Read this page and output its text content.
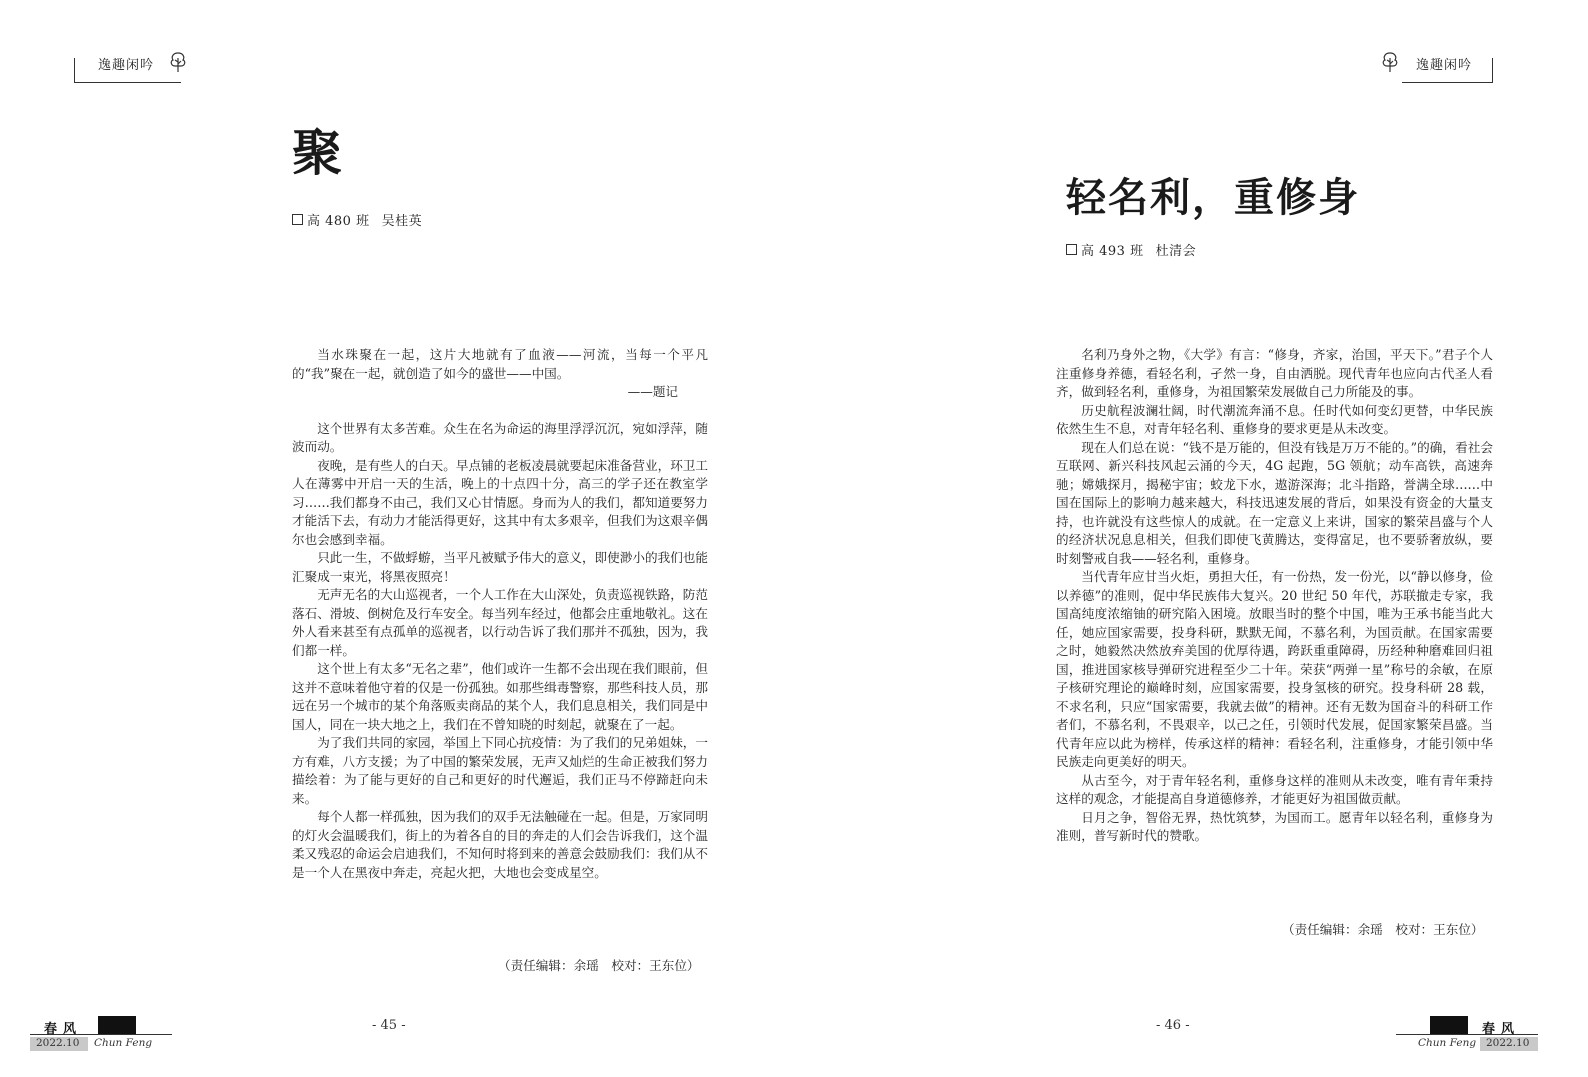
逸趣闲吟	逸趣闲吟
聚
高 480 班 吴桂英

当水珠聚在一起，这片大地就有了血液——河流，当每一个平凡的“我”聚在一起，就创造了如今的盛世——中国。

——题记

这个世界有太多苦难。众生在名为命运的海里浮浮沉沉，宛如浮萍，随波而动。

夜晚，是有些人的白天。早点铺的老板凌晨就要起床准备营业，环卫工人在薄雾中开启一天的生活，晚上的十点四十分，高三的学子还在教室学习……我们都身不由己，我们又心甘情愿。身而为人的我们，都知道要努力才能活下去，有动力才能活得更好，这其中有太多艰辛，但我们为这艰辛偶尔也会感到幸福。

只此一生，不做蜉蝣，当平凡被赋予伟大的意义，即使渺小的我们也能汇聚成一束光，将黑夜照亮！

无声无名的大山巡视者，一个人工作在大山深处，负责巡视铁路，防范落石、滑坡、倒树危及行车安全。每当列车经过，他都会庄重地敬礼。这在外人看来甚至有点孤单的巡视者，以行动告诉了我们那并不孤独，因为，我们都一样。

这个世上有太多“无名之辈”，他们或许一生都不会出现在我们眼前，但这并不意味着他守着的仅是一份孤独。如那些缉毒警察，那些科技人员，那远在另一个城市的某个角落贩卖商品的某个人，我们息息相关，我们同是中国人，同在一块大地之上，我们在不曾知晓的时刻起，就聚在了一起。

为了我们共同的家园，举国上下同心抗疫情：为了我们的兄弟姐妹，一方有难，八方支援；为了中国的繁荣发展，无声又灿烂的生命正被我们努力描绘着：为了能与更好的自己和更好的时代邂逅，我们正马不停蹄赶向未来。

每个人都一样孤独，因为我们的双手无法触碰在一起。但是，万家同明的灯火会温暖我们，街上的为着各自的目的奔走的人们会告诉我们，这个温柔又残忍的命运会启迪我们，不知何时将到来的善意会鼓励我们：我们从不是一个人在黑夜中奔走，亮起火把，大地也会变成星空。

（责任编辑：余瑶　校对：王东位）
轻名利，重修身
高 493 班 杜清会

名利乃身外之物，《大学》有言：“修身，齐家，治国，平天下。”君子个人注重修身养德，看轻名利，孑然一身，自由洒脱。现代青年也应向古代圣人看齐，做到轻名利，重修身，为祖国繁荣发展做自己力所能及的事。

历史航程波澜壮阔，时代潮流奔涌不息。任时代如何变幻更替，中华民族依然生生不息，对青年轻名利、重修身的要求更是从未改变。

现在人们总在说：“钱不是万能的，但没有钱是万万不能的。”的确，看社会互联网、新兴科技风起云涌的今天，4G 起跑，5G 领航；动车高铁，高速奔驰；嫦娥探月，揭秘宇宙；蛟龙下水，遨游深海；北斗指路，誉满全球……中国在国际上的影响力越来越大，科技迅速发展的背后，如果没有资金的大量支持，也许就没有这些惊人的成就。在一定意义上来讲，国家的繁荣昌盛与个人的经济状况息息相关，但我们即使飞黄腾达，变得富足，也不要骄奢放纵，要时刻警戒自我——轻名利，重修身。

当代青年应甘当火炬，勇担大任，有一份热，发一份光，以“静以修身，俭以养德”的准则，促中华民族伟大复兴。20 世纪 50 年代，苏联撤走专家，我国高纯度浓缩铀的研究陷入困境。放眼当时的整个中国，唯为王承书能当此大任，她应国家需要，投身科研，默默无闻，不慕名利，为国贡献。在国家需要之时，她毅然决然放弃美国的优厚待遇，跨跃重重障碍，历经种种磨难回归祖国，推进国家核导弹研究进程至少二十年。荣获“两弹一星”称号的余敏，在原子核研究理论的巅峰时刻，应国家需要，投身氢核的研究。投身科研 28 载，不求名利，只应“国家需要，我就去做”的精神。还有无数为国奋斗的科研工作者们，不慕名利，不畏艰辛，以己之任，引领时代发展，促国家繁荣昌盛。当代青年应以此为榜样，传承这样的精神：看轻名利，注重修身，才能引领中华民族走向更美好的明天。

从古至今，对于青年轻名利，重修身这样的准则从未改变，唯有青年秉持这样的观念，才能提高自身道德修养，才能更好为祖国做贡献。

日月之争，智俗无界，热忱筑梦，为国而工。愿青年以轻名利，重修身为准则，普写新时代的赞歌。

（责任编辑：余瑶　校对：王东位）
春风
2022.10 Chun Feng
- 45 -	- 46 -	春风
Chun Feng 2022.10
